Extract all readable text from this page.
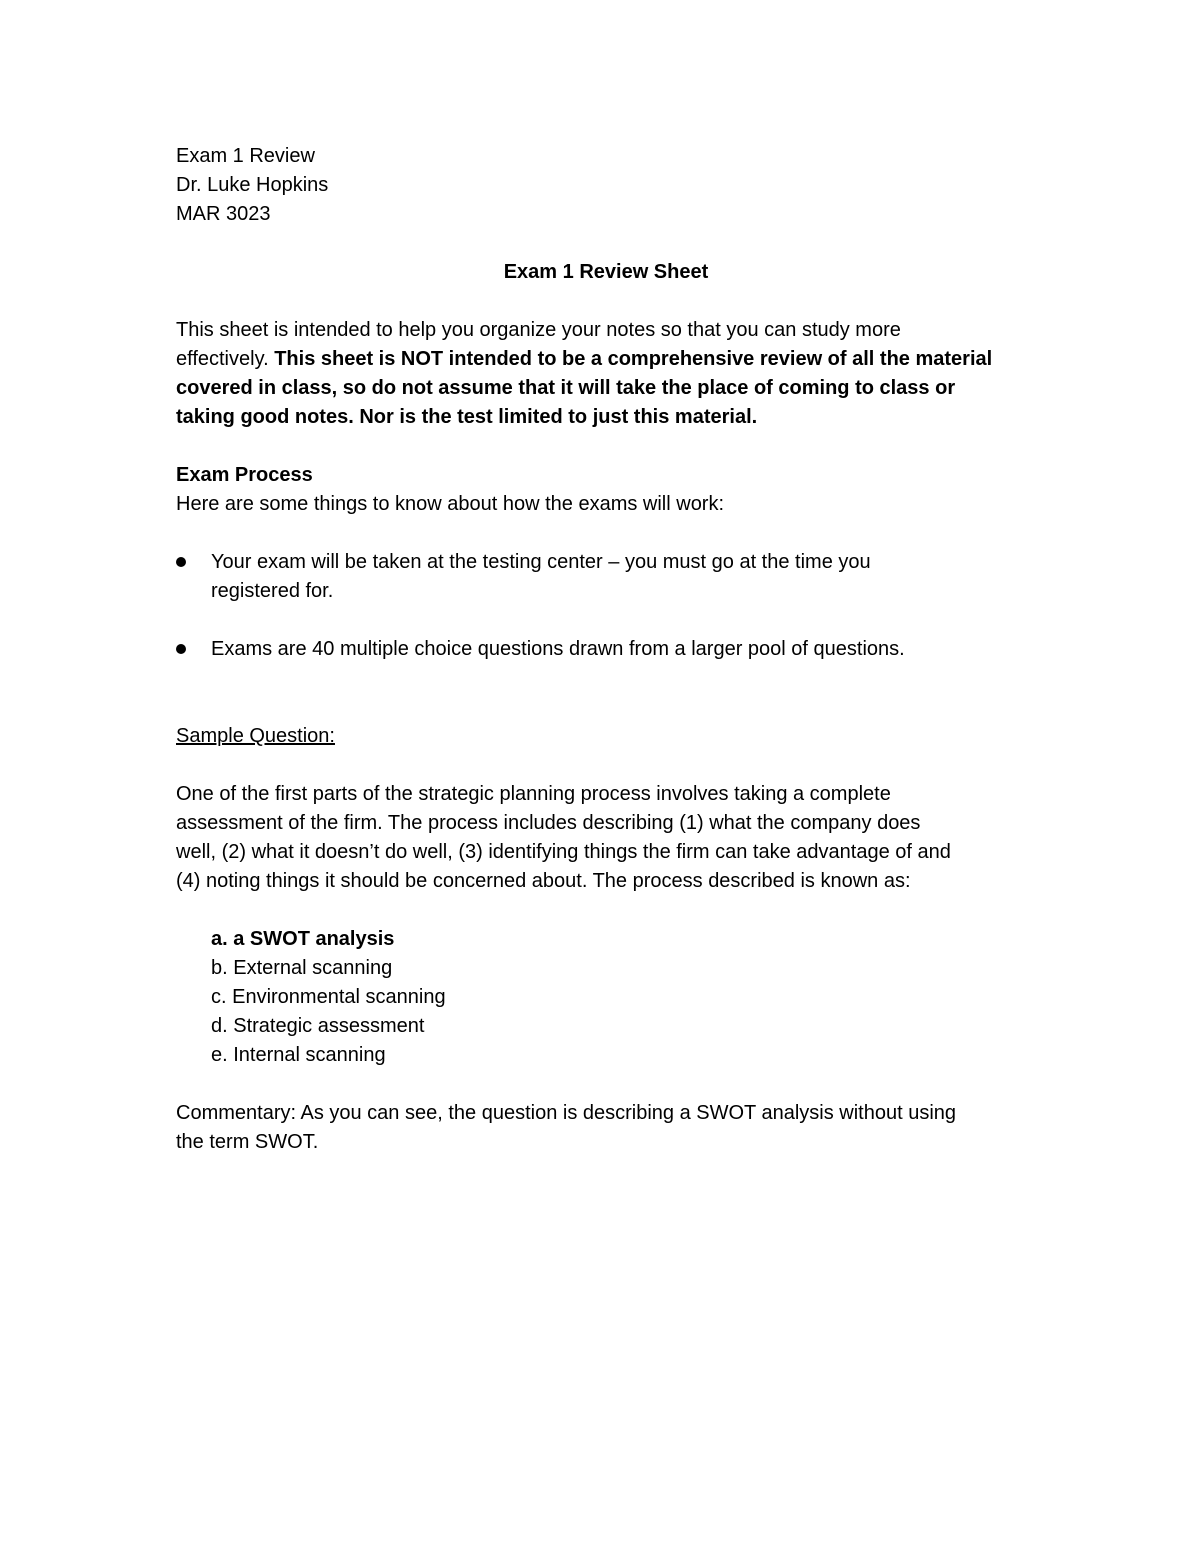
Exam 1 Review

Dr. Luke Hopkins

MAR 3023

Exam 1 Review Sheet

This sheet is intended to help you organize your notes so that you can study more

effectively. This sheet is NOT intended to be a comprehensive review of all the material

covered in class, so do not assume that it will take the place of coming to class or

taking good notes. Nor is the test limited to just this material.

Exam Process

Here are some things to know about how the exams will work:

Your exam will be taken at the testing center – you must go at the time you

registered for.

Exams are 40 multiple choice questions drawn from a larger pool of questions.

Sample Question:

One of the first parts of the strategic planning process involves taking a complete

assessment of the firm. The process includes describing (1) what the company does

well, (2) what it doesn’t do well, (3) identifying things the firm can take advantage of and

(4) noting things it should be concerned about. The process described is known as:

a. a SWOT analysis

b. External scanning

c. Environmental scanning

d. Strategic assessment

e. Internal scanning

Commentary: As you can see, the question is describing a SWOT analysis without using

the term SWOT.
